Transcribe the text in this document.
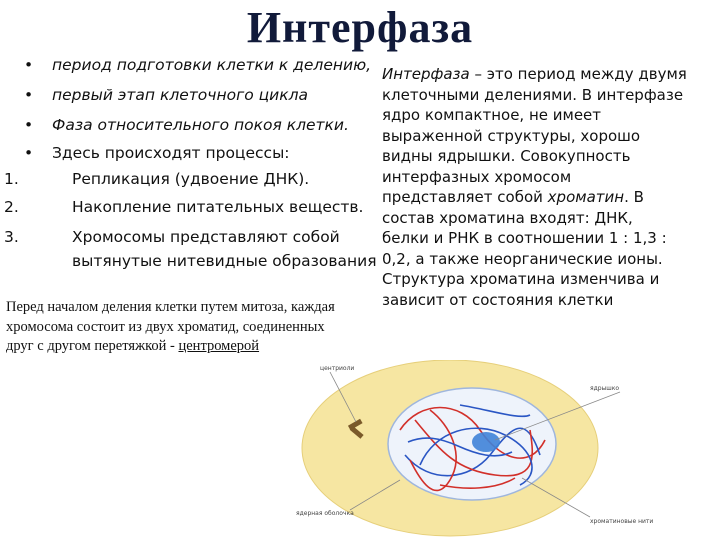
Интерфаза
• период подготовки клетки к делению,
• первый этап клеточного цикла
• Фаза относительного покоя клетки.
• Здесь происходят процессы:
1.	Репликация (удвоение ДНК).
2.	Накопление питательных веществ.
3.	Хромосомы представляют собой
вытянутые нитевидные образования
Интерфаза – это период между двумя
клеточными делениями. В интерфазе
ядро компактное, не имеет
выраженной структуры, хорошо
видны ядрышки. Совокупность
интерфазных хромосом
представляет собой хроматин. В
состав хроматина входят: ДНК,
белки и РНК в соотношении 1 : 1,3 :
0,2, а также неорганические ионы.
Структура хроматина изменчива и
зависит от состояния клетки
Перед началом деления клетки путем митоза, каждая хромосома состоит из двух хроматид, соединенных друг с другом перетяжкой - центромерой
центриоли
ядрышко
хроматиновые нити
ядерная оболочка
